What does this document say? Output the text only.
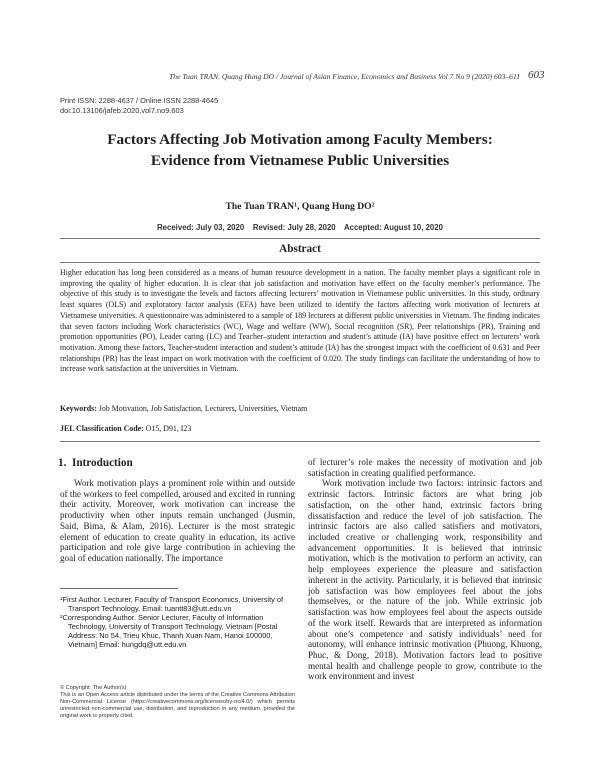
The Tuan TRAN, Quang Hung DO / Journal of Asian Finance, Economics and Business Vol 7 No 9 (2020) 603–611 603
Print ISSN: 2288-4637 / Online ISSN 2288-4645
doi:10.13106/jafeb.2020.vol7.no9.603
Factors Affecting Job Motivation among Faculty Members:
Evidence from Vietnamese Public Universities
The Tuan TRAN¹, Quang Hung DO²
Received: July 03, 2020    Revised: July 28, 2020    Accepted: August 10, 2020
Abstract

Higher education has long been considered as a means of human resource development in a nation. The faculty member plays a significant role in improving the quality of higher education. It is clear that job satisfaction and motivation have effect on the faculty member’s performance. The objective of this study is to investigate the levels and factors affecting lecturers’ motivation in Vietnamese public universities. In this study, ordinary least squares (OLS) and exploratory factor analysis (EFA) have been utilized to identify the factors affecting work motivation of lecturers at Vietnamese universities. A questionnaire was administered to a sample of 189 lecturers at different public universities in Vietnam. The finding indicates that seven factors including Work characteristics (WC), Wage and welfare (WW), Social recognition (SR), Peer relationships (PR), Training and promotion opportunities (PO), Leader caring (LC) and Teacher–student interaction and student’s attitude (IA) have positive effect on lecturers’ work motivation. Among these factors, Teacher-student interaction and student’s attitude (IA) has the strongest impact with the coefficient of 0.631 and Peer relationships (PR) has the least impact on work motivation with the coefficient of 0.020. The study findings can facilitate the understanding of how to increase work satisfaction at the universities in Vietnam.

Keywords: Job Motivation, Job Satisfaction, Lecturers, Universities, Vietnam
JEL Classification Code: O15, D91, I23
1.  Introduction

Work motivation plays a prominent role within and outside of the workers to feel compelled, aroused and excited in running their activity. Moreover, work motivation can increase the productivity when other inputs remain unchanged (Jusmin, Said, Bima, & Alam, 2016). Lecturer is the most strategic element of education to create quality in education, its active participation and role give large contribution in achieving the goal of education nationally. The importance

of lecturer’s role makes the necessity of motivation and job satisfaction in creating qualified performance.

Work motivation include two factors: intrinsic factors and extrinsic factors. Intrinsic factors are what bring job satisfaction, on the other hand, extrinsic factors bring dissatisfaction and reduce the level of job satisfaction. The intrinsic factors are also called satisfiers and motivators, included creative or challenging work, responsibility and advancement opportunities. It is believed that intrinsic motivation, which is the motivation to perform an activity, can help employees experience the pleasure and satisfaction inherent in the activity. Particularly, it is believed that intrinsic job satisfaction was how employees feel about the jobs themselves, or the nature of the job. While extrinsic job satisfaction was how employees feel about the aspects outside of the work itself. Rewards that are interpreted as information about one’s competence and satisfy individuals’ need for autonomy, will enhance intrinsic motivation (Phuong, Khuong, Phuc, & Dong, 2018). Motivation factors lead to positive mental health and challenge people to grow, contribute to the work environment and invest

¹First Author. Lecturer, Faculty of Transport Economics, University of Transport Technology. Email: tuantt83@utt.edu.vn

²Corresponding Author. Senior Lecturer, Faculty of Information Technology, University of Transport Technology, Vietnam [Postal Address: No 54, Trieu Khuc, Thanh Xuan Nam, Hanoi 100000, Vietnam] Email: hungdq@utt.edu.vn

© Copyright: The Author(s)

This is an Open Access article distributed under the terms of the Creative Commons Attribution Non-Commercial License (https://creativecommons.org/licenses/by-nc/4.0/) which permits unrestricted non-commercial use, distribution, and reproduction in any medium, provided the original work is properly cited.
